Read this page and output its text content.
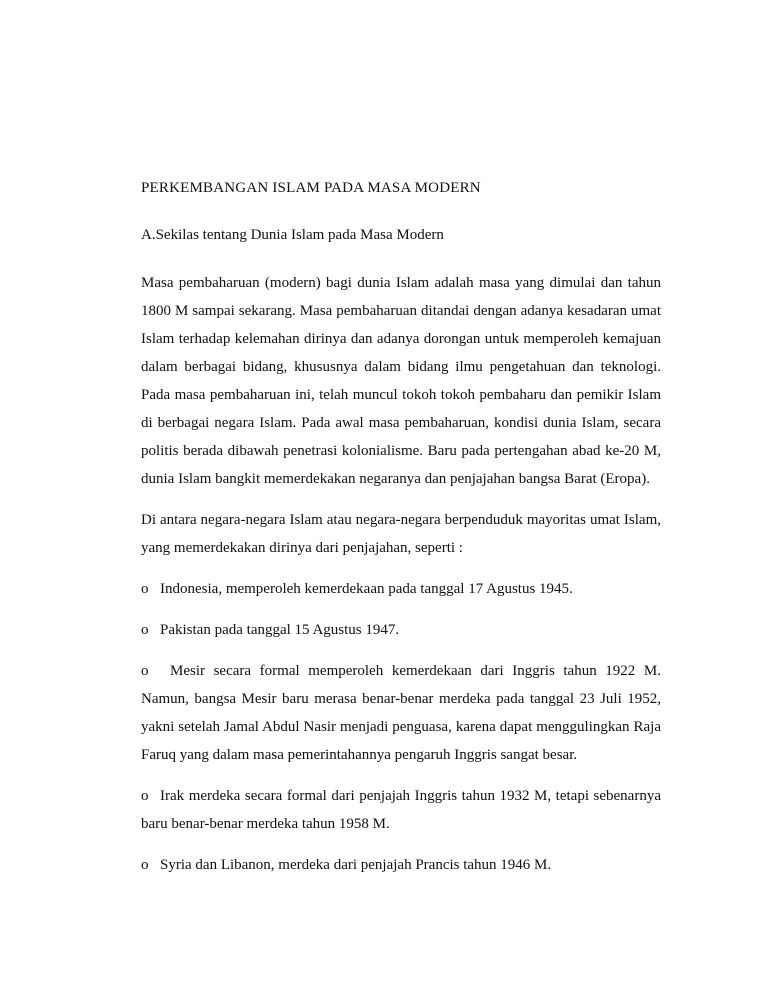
PERKEMBANGAN ISLAM PADA MASA MODERN
A.Sekilas tentang Dunia Islam pada Masa Modern
Masa pembaharuan (modern) bagi dunia Islam adalah masa yang dimulai dan tahun 1800 M sampai sekarang. Masa pembaharuan ditandai dengan adanya kesadaran umat Islam terhadap kelemahan dirinya dan adanya dorongan untuk memperoleh kemajuan dalam berbagai bidang, khususnya dalam bidang ilmu pengetahuan dan teknologi. Pada masa pembaharuan ini, telah muncul tokoh tokoh pembaharu dan pemikir Islam di berbagai negara Islam. Pada awal masa pembaharuan, kondisi dunia Islam, secara politis berada dibawah penetrasi kolonialisme. Baru pada pertengahan abad ke-20 M, dunia Islam bangkit memerdekakan negaranya dan penjajahan bangsa Barat (Eropa).
Di antara negara-negara Islam atau negara-negara berpenduduk mayoritas umat Islam, yang memerdekakan dirinya dari penjajahan, seperti :
o Indonesia, memperoleh kemerdekaan pada tanggal 17 Agustus 1945.
o Pakistan pada tanggal 15 Agustus 1947.
o Mesir secara formal memperoleh kemerdekaan dari Inggris tahun 1922 M. Namun, bangsa Mesir baru merasa benar-benar merdeka pada tanggal 23 Juli 1952, yakni setelah Jamal Abdul Nasir menjadi penguasa, karena dapat menggulingkan Raja Faruq yang dalam masa pemerintahannya pengaruh Inggris sangat besar.
o Irak merdeka secara formal dari penjajah Inggris tahun 1932 M, tetapi sebenarnya baru benar-benar merdeka tahun 1958 M.
o Syria dan Libanon, merdeka dari penjajah Prancis tahun 1946 M.
